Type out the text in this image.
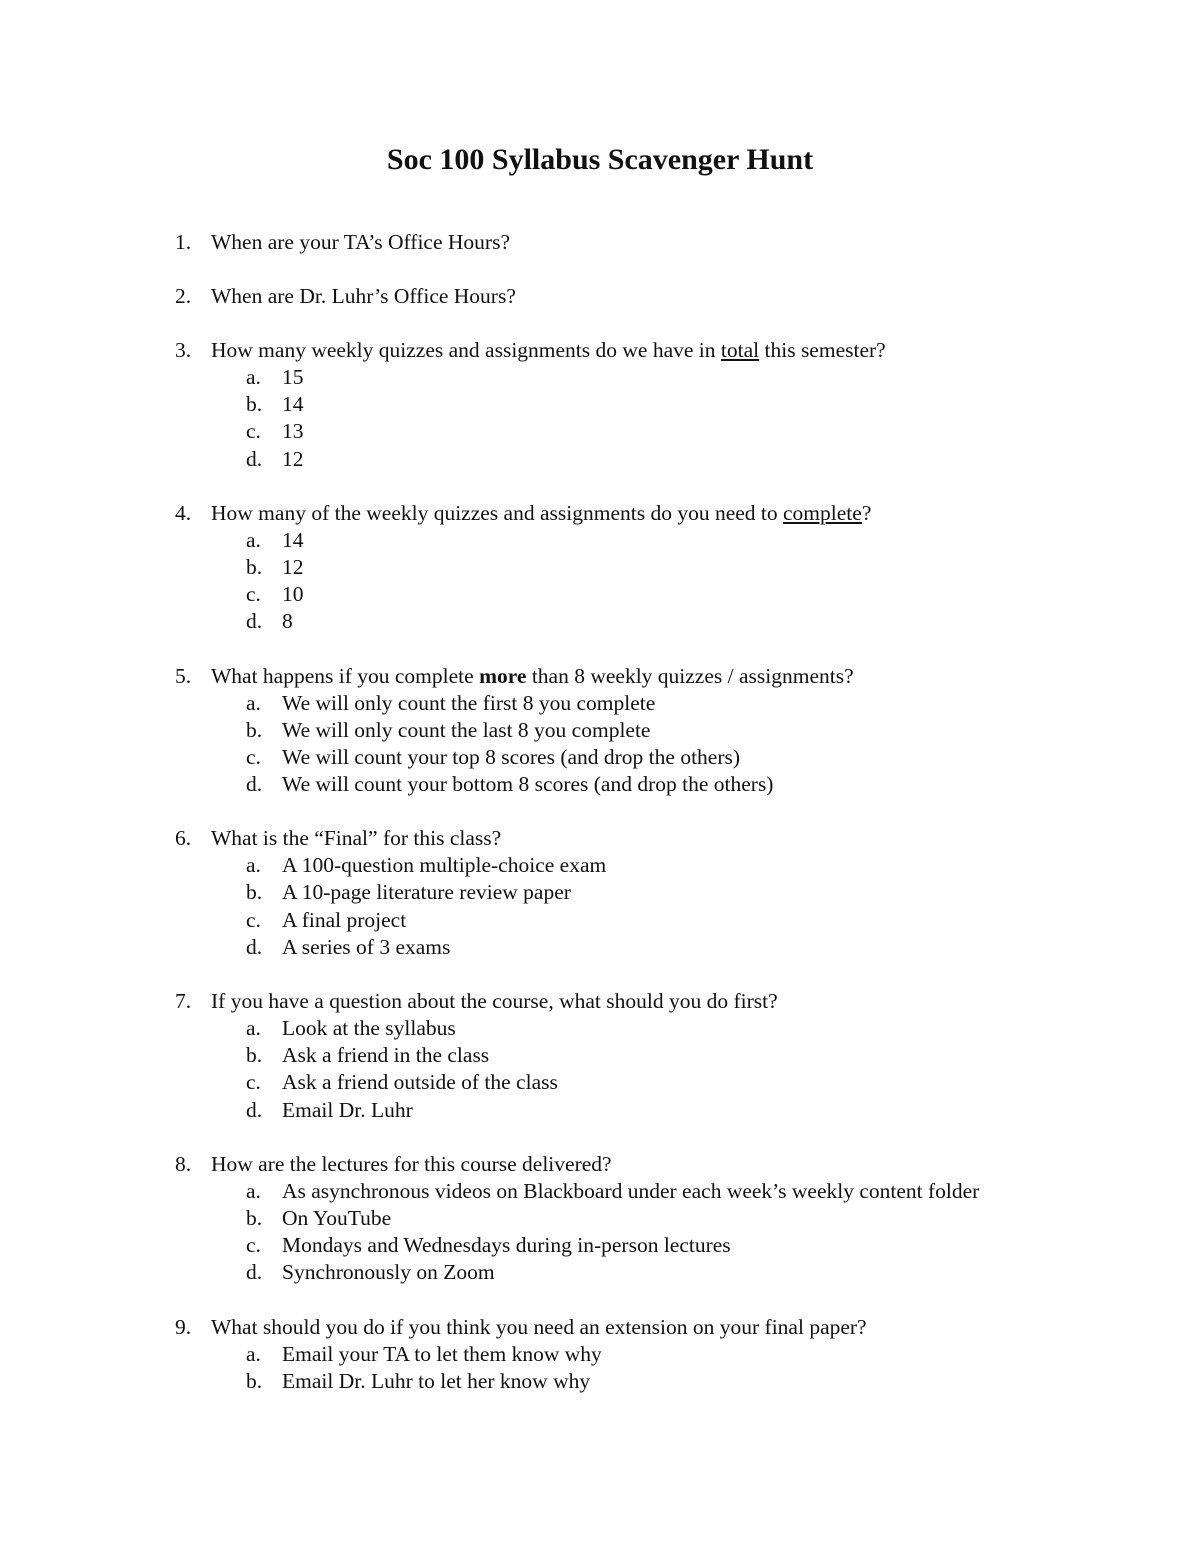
Soc 100 Syllabus Scavenger Hunt
1. When are your TA’s Office Hours?
2. When are Dr. Luhr’s Office Hours?
3. How many weekly quizzes and assignments do we have in total this semester?
a. 15
b. 14
c. 13
d. 12
4. How many of the weekly quizzes and assignments do you need to complete?
a. 14
b. 12
c. 10
d. 8
5. What happens if you complete more than 8 weekly quizzes / assignments?
a. We will only count the first 8 you complete
b. We will only count the last 8 you complete
c. We will count your top 8 scores (and drop the others)
d. We will count your bottom 8 scores (and drop the others)
6. What is the “Final” for this class?
a. A 100-question multiple-choice exam
b. A 10-page literature review paper
c. A final project
d. A series of 3 exams
7. If you have a question about the course, what should you do first?
a. Look at the syllabus
b. Ask a friend in the class
c. Ask a friend outside of the class
d. Email Dr. Luhr
8. How are the lectures for this course delivered?
a. As asynchronous videos on Blackboard under each week’s weekly content folder
b. On YouTube
c. Mondays and Wednesdays during in-person lectures
d. Synchronously on Zoom
9. What should you do if you think you need an extension on your final paper?
a. Email your TA to let them know why
b. Email Dr. Luhr to let her know why
